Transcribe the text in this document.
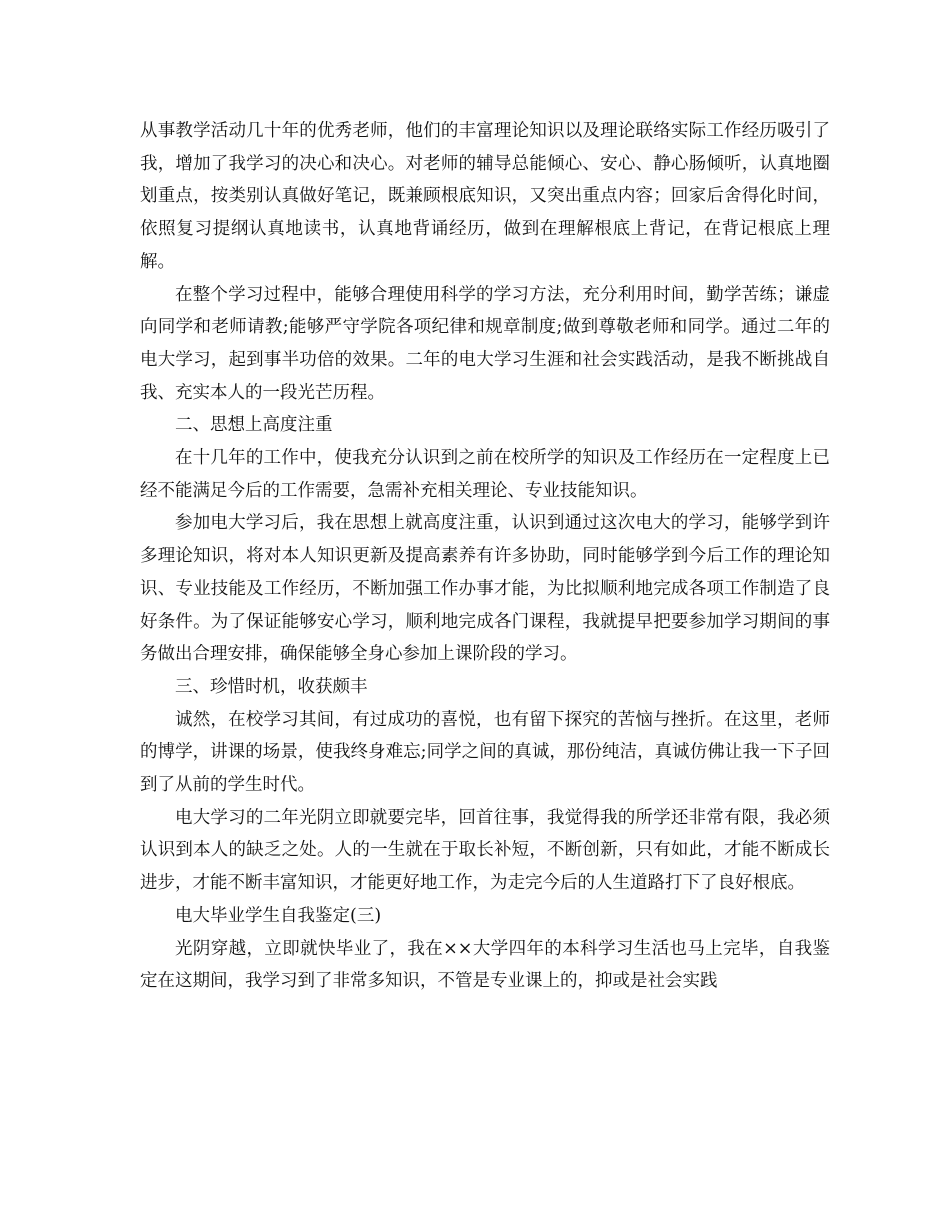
从事教学活动几十年的优秀老师，他们的丰富理论知识以及理论联络实际工作经历吸引了我，增加了我学习的决心和决心。对老师的辅导总能倾心、安心、静心肠倾听，认真地圈划重点，按类别认真做好笔记，既兼顾根底知识，又突出重点内容；回家后舍得化时间，依照复习提纲认真地读书，认真地背诵经历，做到在理解根底上背记，在背记根底上理解。

在整个学习过程中，能够合理使用科学的学习方法，充分利用时间，勤学苦练；谦虚向同学和老师请教;能够严守学院各项纪律和规章制度;做到尊敬老师和同学。通过二年的电大学习，起到事半功倍的效果。二年的电大学习生涯和社会实践活动，是我不断挑战自我、充实本人的一段光芒历程。

二、思想上高度注重

在十几年的工作中，使我充分认识到之前在校所学的知识及工作经历在一定程度上已经不能满足今后的工作需要，急需补充相关理论、专业技能知识。

参加电大学习后，我在思想上就高度注重，认识到通过这次电大的学习，能够学到许多理论知识，将对本人知识更新及提高素养有许多协助，同时能够学到今后工作的理论知识、专业技能及工作经历，不断加强工作办事才能，为比拟顺利地完成各项工作制造了良好条件。为了保证能够安心学习，顺利地完成各门课程，我就提早把要参加学习期间的事务做出合理安排，确保能够全身心参加上课阶段的学习。

三、珍惜时机，收获颇丰

诚然，在校学习其间，有过成功的喜悦，也有留下探究的苦恼与挫折。在这里，老师的博学，讲课的场景，使我终身难忘;同学之间的真诚，那份纯洁，真诚仿佛让我一下子回到了从前的学生时代。

电大学习的二年光阴立即就要完毕，回首往事，我觉得我的所学还非常有限，我必须认识到本人的缺乏之处。人的一生就在于取长补短，不断创新，只有如此，才能不断成长进步，才能不断丰富知识，才能更好地工作，为走完今后的人生道路打下了良好根底。

电大毕业学生自我鉴定(三)

光阴穿越，立即就快毕业了，我在××大学四年的本科学习生活也马上完毕，自我鉴定在这期间，我学习到了非常多知识，不管是专业课上的，抑或是社会实践
